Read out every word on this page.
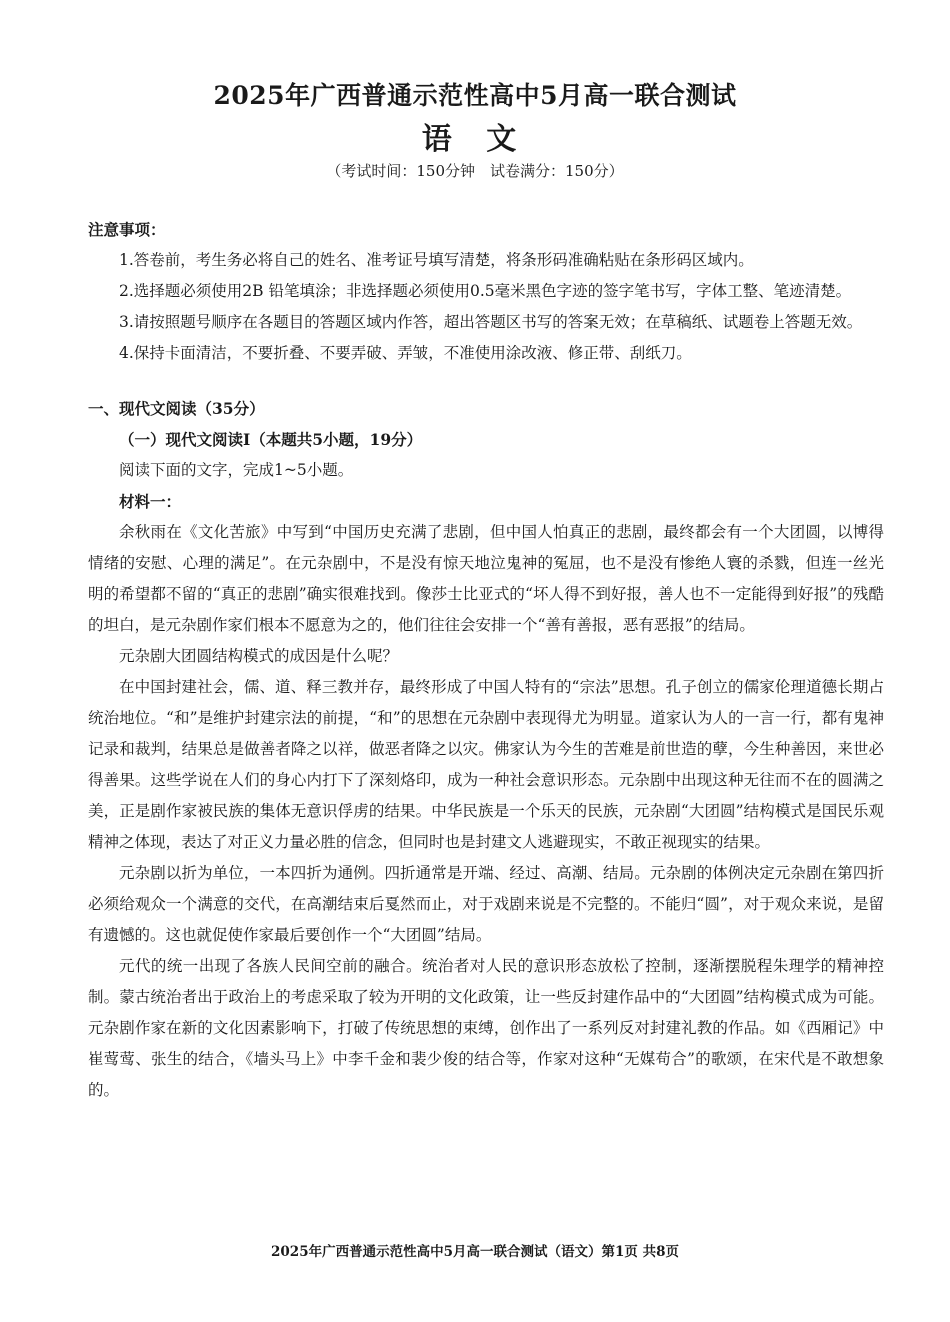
2025年广西普通示范性高中5月高一联合测试
语 文
（考试时间：150分钟　试卷满分：150分）

注意事项：

1.答卷前，考生务必将自己的姓名、准考证号填写清楚，将条形码准确粘贴在条形码区域内。

2.选择题必须使用2B 铅笔填涂；非选择题必须使用0.5毫米黑色字迹的签字笔书写，字体工整、笔迹清楚。

3.请按照题号顺序在各题目的答题区域内作答，超出答题区书写的答案无效；在草稿纸、试题卷上答题无效。

4.保持卡面清洁，不要折叠、不要弄破、弄皱，不准使用涂改液、修正带、刮纸刀。

一、现代文阅读（35分）

（一）现代文阅读Ⅰ（本题共5小题，19分）

阅读下面的文字，完成1~5小题。

材料一：

余秋雨在《文化苦旅》中写到“中国历史充满了悲剧，但中国人怕真正的悲剧，最终都会有一个大团圆，以博得情绪的安慰、心理的满足”。在元杂剧中，不是没有惊天地泣鬼神的冤屈，也不是没有惨绝人寰的杀戮，但连一丝光明的希望都不留的“真正的悲剧”确实很难找到。像莎士比亚式的“坏人得不到好报，善人也不一定能得到好报”的残酷的坦白，是元杂剧作家们根本不愿意为之的，他们往往会安排一个“善有善报，恶有恶报”的结局。

元杂剧大团圆结构模式的成因是什么呢？

在中国封建社会，儒、道、释三教并存，最终形成了中国人特有的“宗法”思想。孔子创立的儒家伦理道德长期占统治地位。“和”是维护封建宗法的前提，“和”的思想在元杂剧中表现得尤为明显。道家认为人的一言一行，都有鬼神记录和裁判，结果总是做善者降之以祥，做恶者降之以灾。佛家认为今生的苦难是前世造的孽，今生种善因，来世必得善果。这些学说在人们的身心内打下了深刻烙印，成为一种社会意识形态。元杂剧中出现这种无往而不在的圆满之美，正是剧作家被民族的集体无意识俘虏的结果。中华民族是一个乐天的民族，元杂剧“大团圆”结构模式是国民乐观精神之体现，表达了对正义力量必胜的信念，但同时也是封建文人逃避现实，不敢正视现实的结果。

元杂剧以折为单位，一本四折为通例。四折通常是开端、经过、高潮、结局。元杂剧的体例决定元杂剧在第四折必须给观众一个满意的交代，在高潮结束后戛然而止，对于戏剧来说是不完整的。不能归“圆”，对于观众来说，是留有遗憾的。这也就促使作家最后要创作一个“大团圆”结局。

元代的统一出现了各族人民间空前的融合。统治者对人民的意识形态放松了控制，逐渐摆脱程朱理学的精神控制。蒙古统治者出于政治上的考虑采取了较为开明的文化政策，让一些反封建作品中的“大团圆”结构模式成为可能。元杂剧作家在新的文化因素影响下，打破了传统思想的束缚，创作出了一系列反对封建礼教的作品。如《西厢记》中崔莺莺、张生的结合，《墙头马上》中李千金和裴少俊的结合等，作家对这种“无媒苟合”的歌颂，在宋代是不敢想象的。

2025年广西普通示范性高中5月高一联合测试（语文）第1页 共8页
